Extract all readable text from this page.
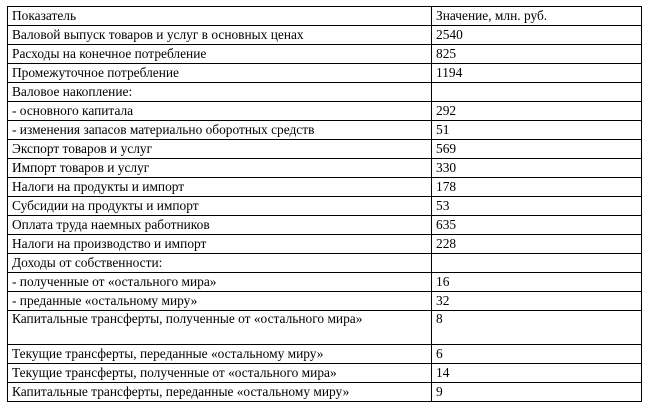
Показатель	Значение, млн. руб.
Валовой выпуск товаров и услуг в основных ценах	2540
Расходы на конечное потребление	825
Промежуточное потребление	1194
Валовое накопление:	
- основного капитала	292
- изменения запасов материально оборотных средств	51
Экспорт товаров и услуг	569
Импорт товаров и услуг	330
Налоги на продукты и импорт	178
Субсидии на продукты и импорт	53
Оплата труда наемных работников	635
Налоги на производство и импорт	228
Доходы от собственности:	
- полученные от «остального мира»	16
- преданные «остальному миру»	32
Капитальные трансферты, полученные от «остального мира»	8
Текущие трансферты, переданные «остальному миру»	6
Текущие трансферты, полученные от «остального мира»	14
Капитальные трансферты, переданные «остальному миру»	9
